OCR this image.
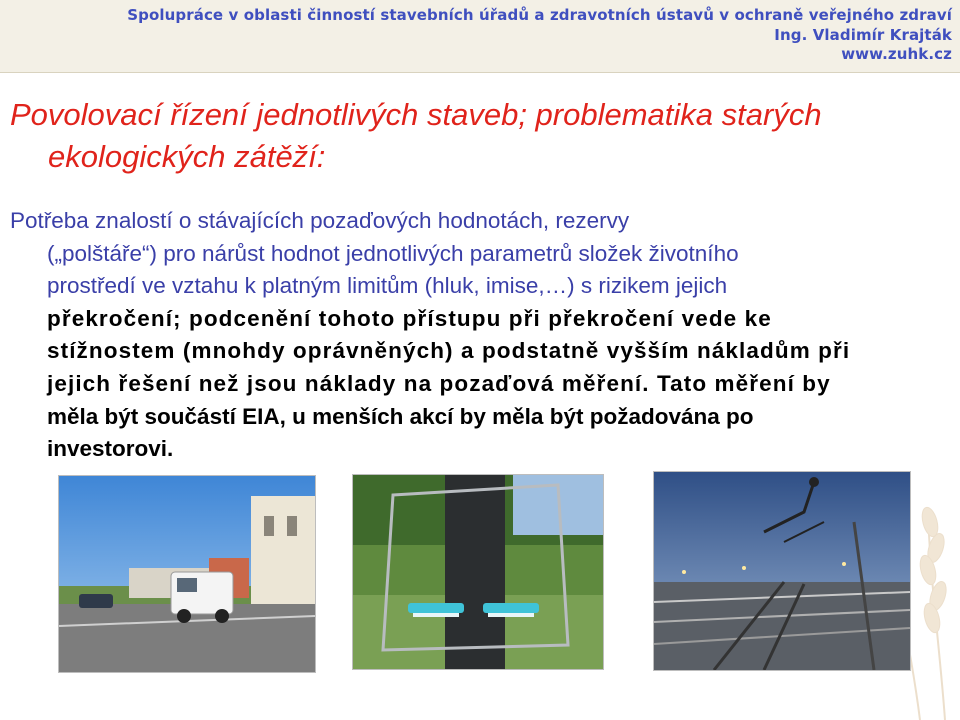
Spolupráce v oblasti činností stavebních úřadů a zdravotních ústavů v ochraně veřejného zdraví
Ing. Vladimír Krajták
www.zuhk.cz
Povolovací řízení jednotlivých staveb; problematika starých
ekologických zátěží:
Potřeba znalostí o stávajících pozaďových hodnotách, rezervy
(„polštáře“) pro nárůst hodnot jednotlivých parametrů složek životního
prostředí ve vztahu k platným limitům (hluk, imise,…) s rizikem jejich
překročení; podcenění tohoto přístupu při překročení vede ke
stížnostem (mnohdy oprávněných) a podstatně vyšším nákladům při
jejich řešení než jsou náklady na pozaďová měření. Tato měření by
měla být součástí EIA, u menších akcí by měla být požadována po
investorovi.
